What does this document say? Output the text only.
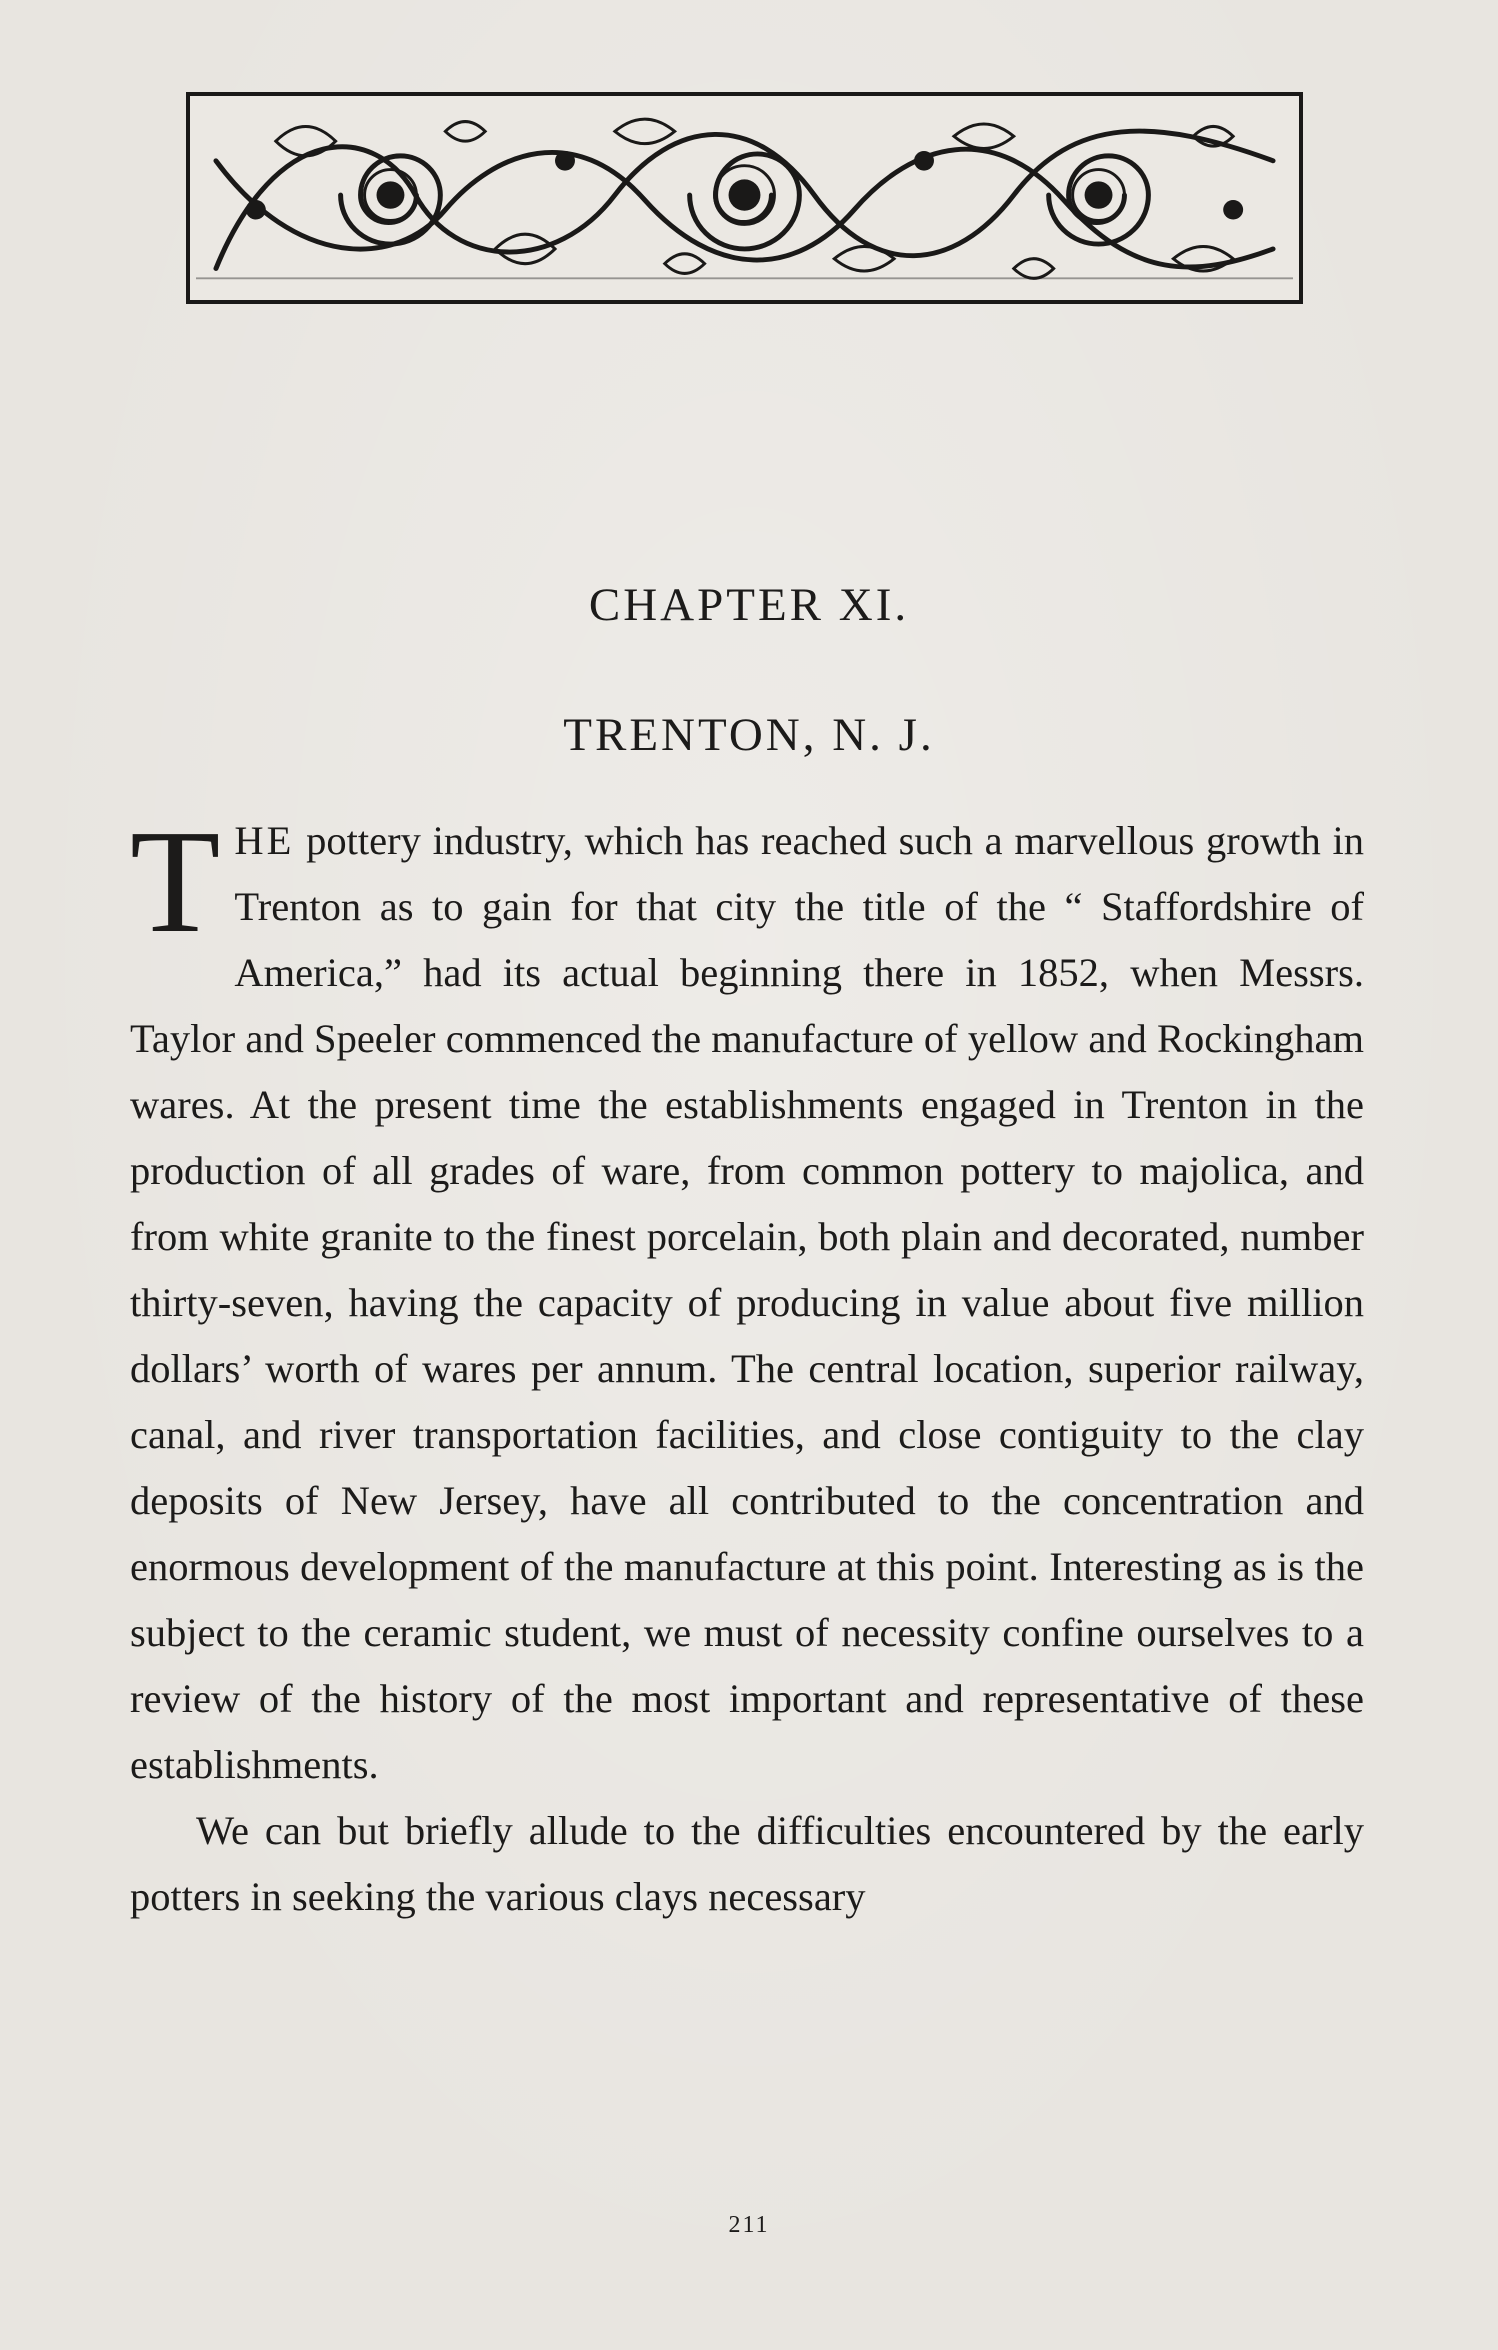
CHAPTER XI.
TRENTON, N. J.

THE pottery industry, which has reached such a marvellous growth in Trenton as to gain for that city the title of the “ Staffordshire of America,” had its actual beginning there in 1852, when Messrs. Taylor and Speeler commenced the manufacture of yellow and Rockingham wares. At the present time the establishments engaged in Trenton in the production of all grades of ware, from common pottery to majolica, and from white granite to the finest porcelain, both plain and decorated, number thirty-seven, having the capacity of producing in value about five million dollars’ worth of wares per annum. The central location, superior railway, canal, and river transportation facilities, and close contiguity to the clay deposits of New Jersey, have all contributed to the concentration and enormous development of the manufacture at this point. Interesting as is the subject to the ceramic student, we must of necessity confine ourselves to a review of the history of the most important and representative of these establishments.

We can but briefly allude to the difficulties encountered by the early potters in seeking the various clays necessary

211
